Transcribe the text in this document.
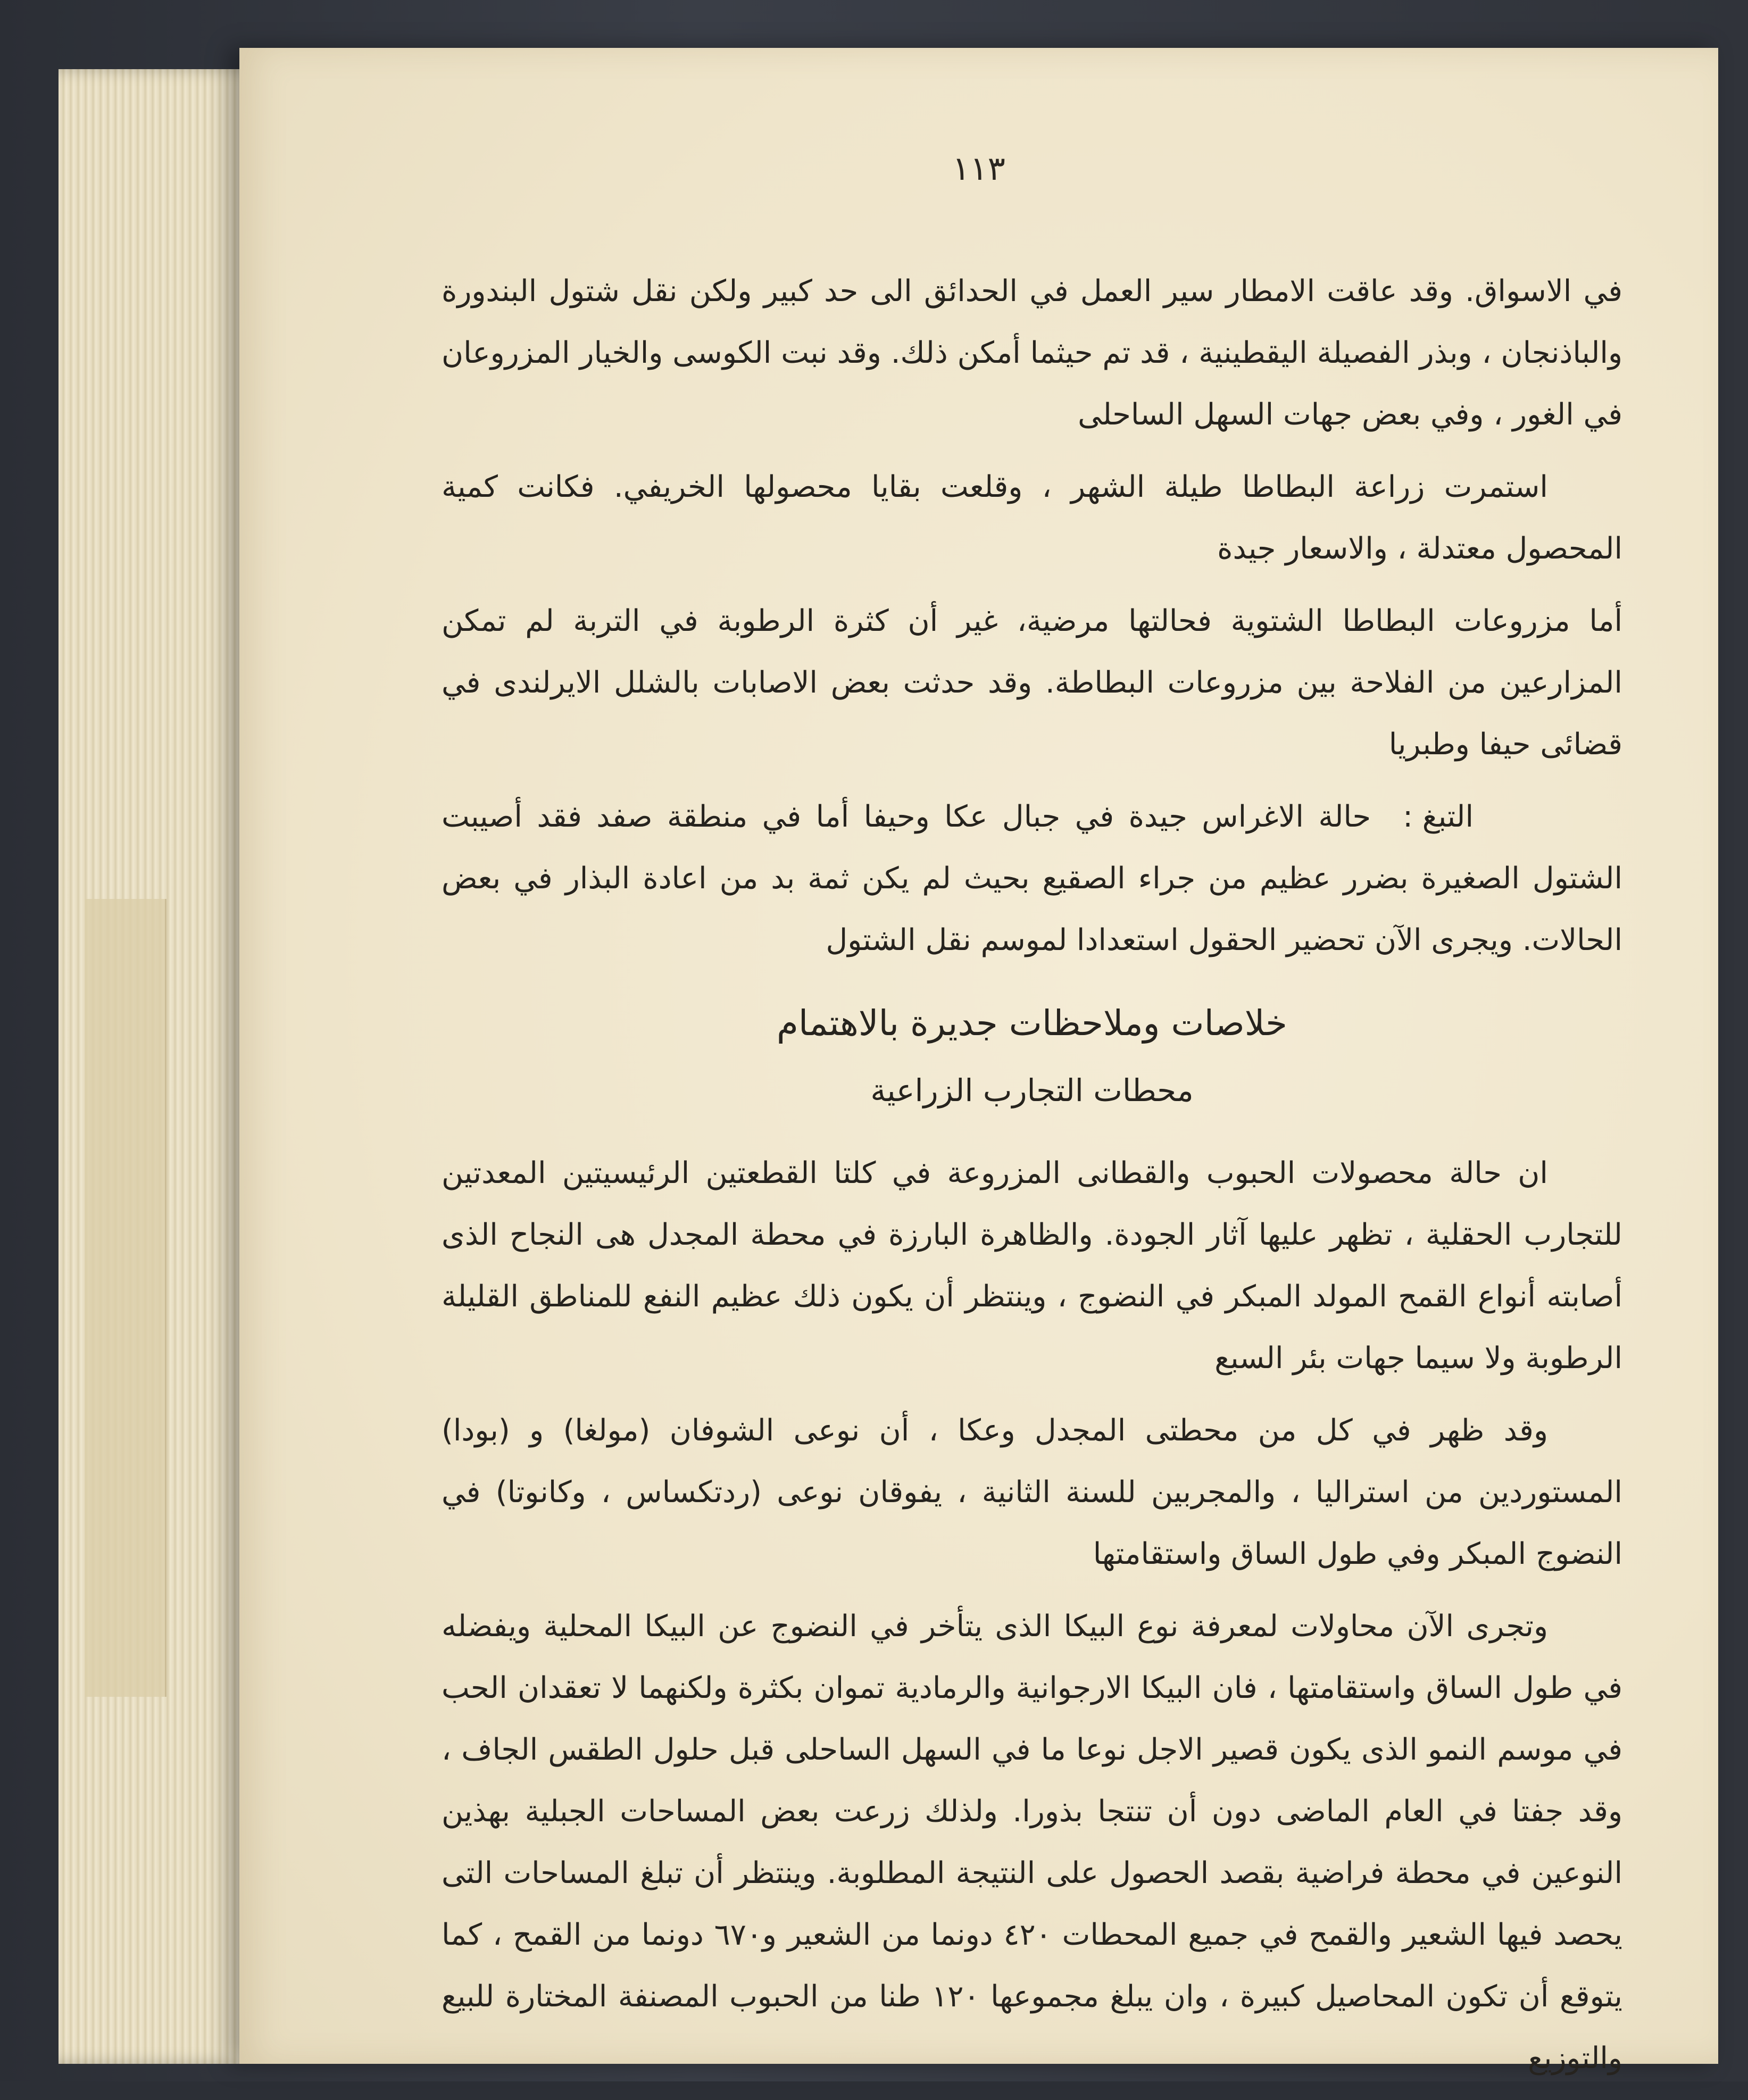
١١٣

في الاسواق. وقد عاقت الامطار سير العمل في الحدائق الى حد كبير ولكن نقل شتول البندورة والباذنجان ، وبذر الفصيلة اليقطينية ، قد تم حيثما أمكن ذلك. وقد نبت الكوسى والخيار المزروعان في الغور ، وفي بعض جهات السهل الساحلى

استمرت زراعة البطاطا طيلة الشهر ، وقلعت بقايا محصولها الخريفي. فكانت كمية المحصول معتدلة ، والاسعار جيدة

أما مزروعات البطاطا الشتوية فحالتها مرضية، غير أن كثرة الرطوبة في التربة لم تمكن المزارعين من الفلاحة بين مزروعات البطاطة. وقد حدثت بعض الاصابات بالشلل الايرلندى في قضائى حيفا وطبريا

التبغ :حالة الاغراس جيدة في جبال عكا وحيفا أما في منطقة صفد فقد أصيبت الشتول الصغيرة بضرر عظيم من جراء الصقيع بحيث لم يكن ثمة بد من اعادة البذار في بعض الحالات. ويجرى الآن تحضير الحقول استعدادا لموسم نقل الشتول

خلاصات وملاحظات جديرة بالاهتمام
محطات التجارب الزراعية

ان حالة محصولات الحبوب والقطانى المزروعة في كلتا القطعتين الرئيسيتين المعدتين للتجارب الحقلية ، تظهر عليها آثار الجودة. والظاهرة البارزة في محطة المجدل هى النجاح الذى أصابته أنواع القمح المولد المبكر في النضوج ، وينتظر أن يكون ذلك عظيم النفع للمناطق القليلة الرطوبة ولا سيما جهات بئر السبع

وقد ظهر في كل من محطتى المجدل وعكا ، أن نوعى الشوفان (مولغا) و (بودا) المستوردين من استراليا ، والمجربين للسنة الثانية ، يفوقان نوعى (ردتكساس ، وكانوتا) في النضوج المبكر وفي طول الساق واستقامتها

وتجرى الآن محاولات لمعرفة نوع البيكا الذى يتأخر في النضوج عن البيكا المحلية ويفضله في طول الساق واستقامتها ، فان البيكا الارجوانية والرمادية تموان بكثرة ولكنهما لا تعقدان الحب في موسم النمو الذى يكون قصير الاجل نوعا ما في السهل الساحلى قبل حلول الطقس الجاف ، وقد جفتا في العام الماضى دون أن تنتجا بذورا. ولذلك زرعت بعض المساحات الجبلية بهذين النوعين في محطة فراضية بقصد الحصول على النتيجة المطلوبة. وينتظر أن تبلغ المساحات التى يحصد فيها الشعير والقمح في جميع المحطات ٤٢٠ دونما من الشعير و٦٧٠ دونما من القمح ، كما يتوقع أن تكون المحاصيل كبيرة ، وان يبلغ مجموعها ١٢٠ طنا من الحبوب المصنفة المختارة للبيع والتوزيع
